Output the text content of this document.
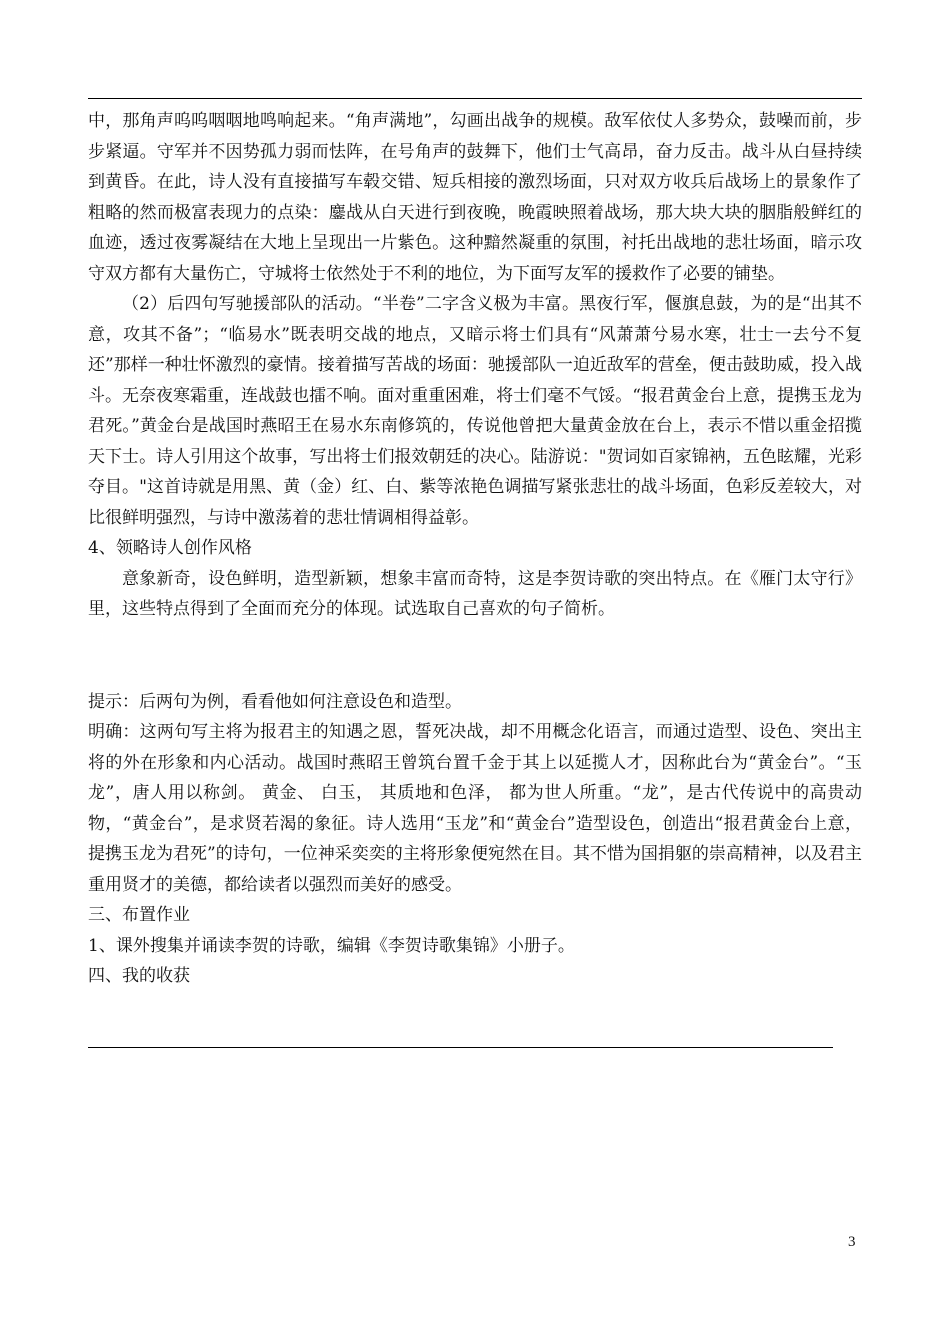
中，那角声呜呜咽咽地鸣响起来。“角声满地”，勾画出战争的规模。敌军依仗人多势众，鼓噪而前，步步紧逼。守军并不因势孤力弱而怯阵，在号角声的鼓舞下，他们士气高昂，奋力反击。战斗从白昼持续到黄昏。在此，诗人没有直接描写车毂交错、短兵相接的激烈场面，只对双方收兵后战场上的景象作了粗略的然而极富表现力的点染：鏖战从白天进行到夜晚，晚霞映照着战场，那大块大块的胭脂般鲜红的血迹，透过夜雾凝结在大地上呈现出一片紫色。这种黯然凝重的氛围，衬托出战地的悲壮场面，暗示攻守双方都有大量伤亡，守城将士依然处于不利的地位，为下面写友军的援救作了必要的铺垫。

（2）后四句写驰援部队的活动。“半卷”二字含义极为丰富。黑夜行军，偃旗息鼓，为的是“出其不意，攻其不备”；“临易水”既表明交战的地点，又暗示将士们具有“风萧萧兮易水寒，壮士一去兮不复还”那样一种壮怀激烈的豪情。接着描写苦战的场面：驰援部队一迫近敌军的营垒，便击鼓助威，投入战斗。无奈夜寒霜重，连战鼓也擂不响。面对重重困难，将士们毫不气馁。“报君黄金台上意，提携玉龙为君死。”黄金台是战国时燕昭王在易水东南修筑的，传说他曾把大量黄金放在台上，表示不惜以重金招揽天下士。诗人引用这个故事，写出将士们报效朝廷的决心。陆游说："贺词如百家锦衲，五色眩耀，光彩夺目。"这首诗就是用黑、黄（金）红、白、紫等浓艳色调描写紧张悲壮的战斗场面，色彩反差较大，对比很鲜明强烈，与诗中激荡着的悲壮情调相得益彰。

4、领略诗人创作风格

意象新奇，设色鲜明，造型新颖，想象丰富而奇特，这是李贺诗歌的突出特点。在《雁门太守行》里，这些特点得到了全面而充分的体现。试选取自己喜欢的句子简析。

提示：后两句为例，看看他如何注意设色和造型。

明确：这两句写主将为报君主的知遇之恩，誓死决战，却不用概念化语言，而通过造型、设色、突出主将的外在形象和内心活动。战国时燕昭王曾筑台置千金于其上以延揽人才，因称此台为“黄金台”。“玉龙”，唐人用以称剑。 黄金、 白玉， 其质地和色泽， 都为世人所重。“龙”，是古代传说中的高贵动物，“黄金台”，是求贤若渴的象征。诗人选用“玉龙”和“黄金台”造型设色，创造出“报君黄金台上意，提携玉龙为君死”的诗句，一位神采奕奕的主将形象便宛然在目。其不惜为国捐躯的崇高精神，以及君主重用贤才的美德，都给读者以强烈而美好的感受。

三、布置作业

1、课外搜集并诵读李贺的诗歌，编辑《李贺诗歌集锦》小册子。

四、我的收获

3
